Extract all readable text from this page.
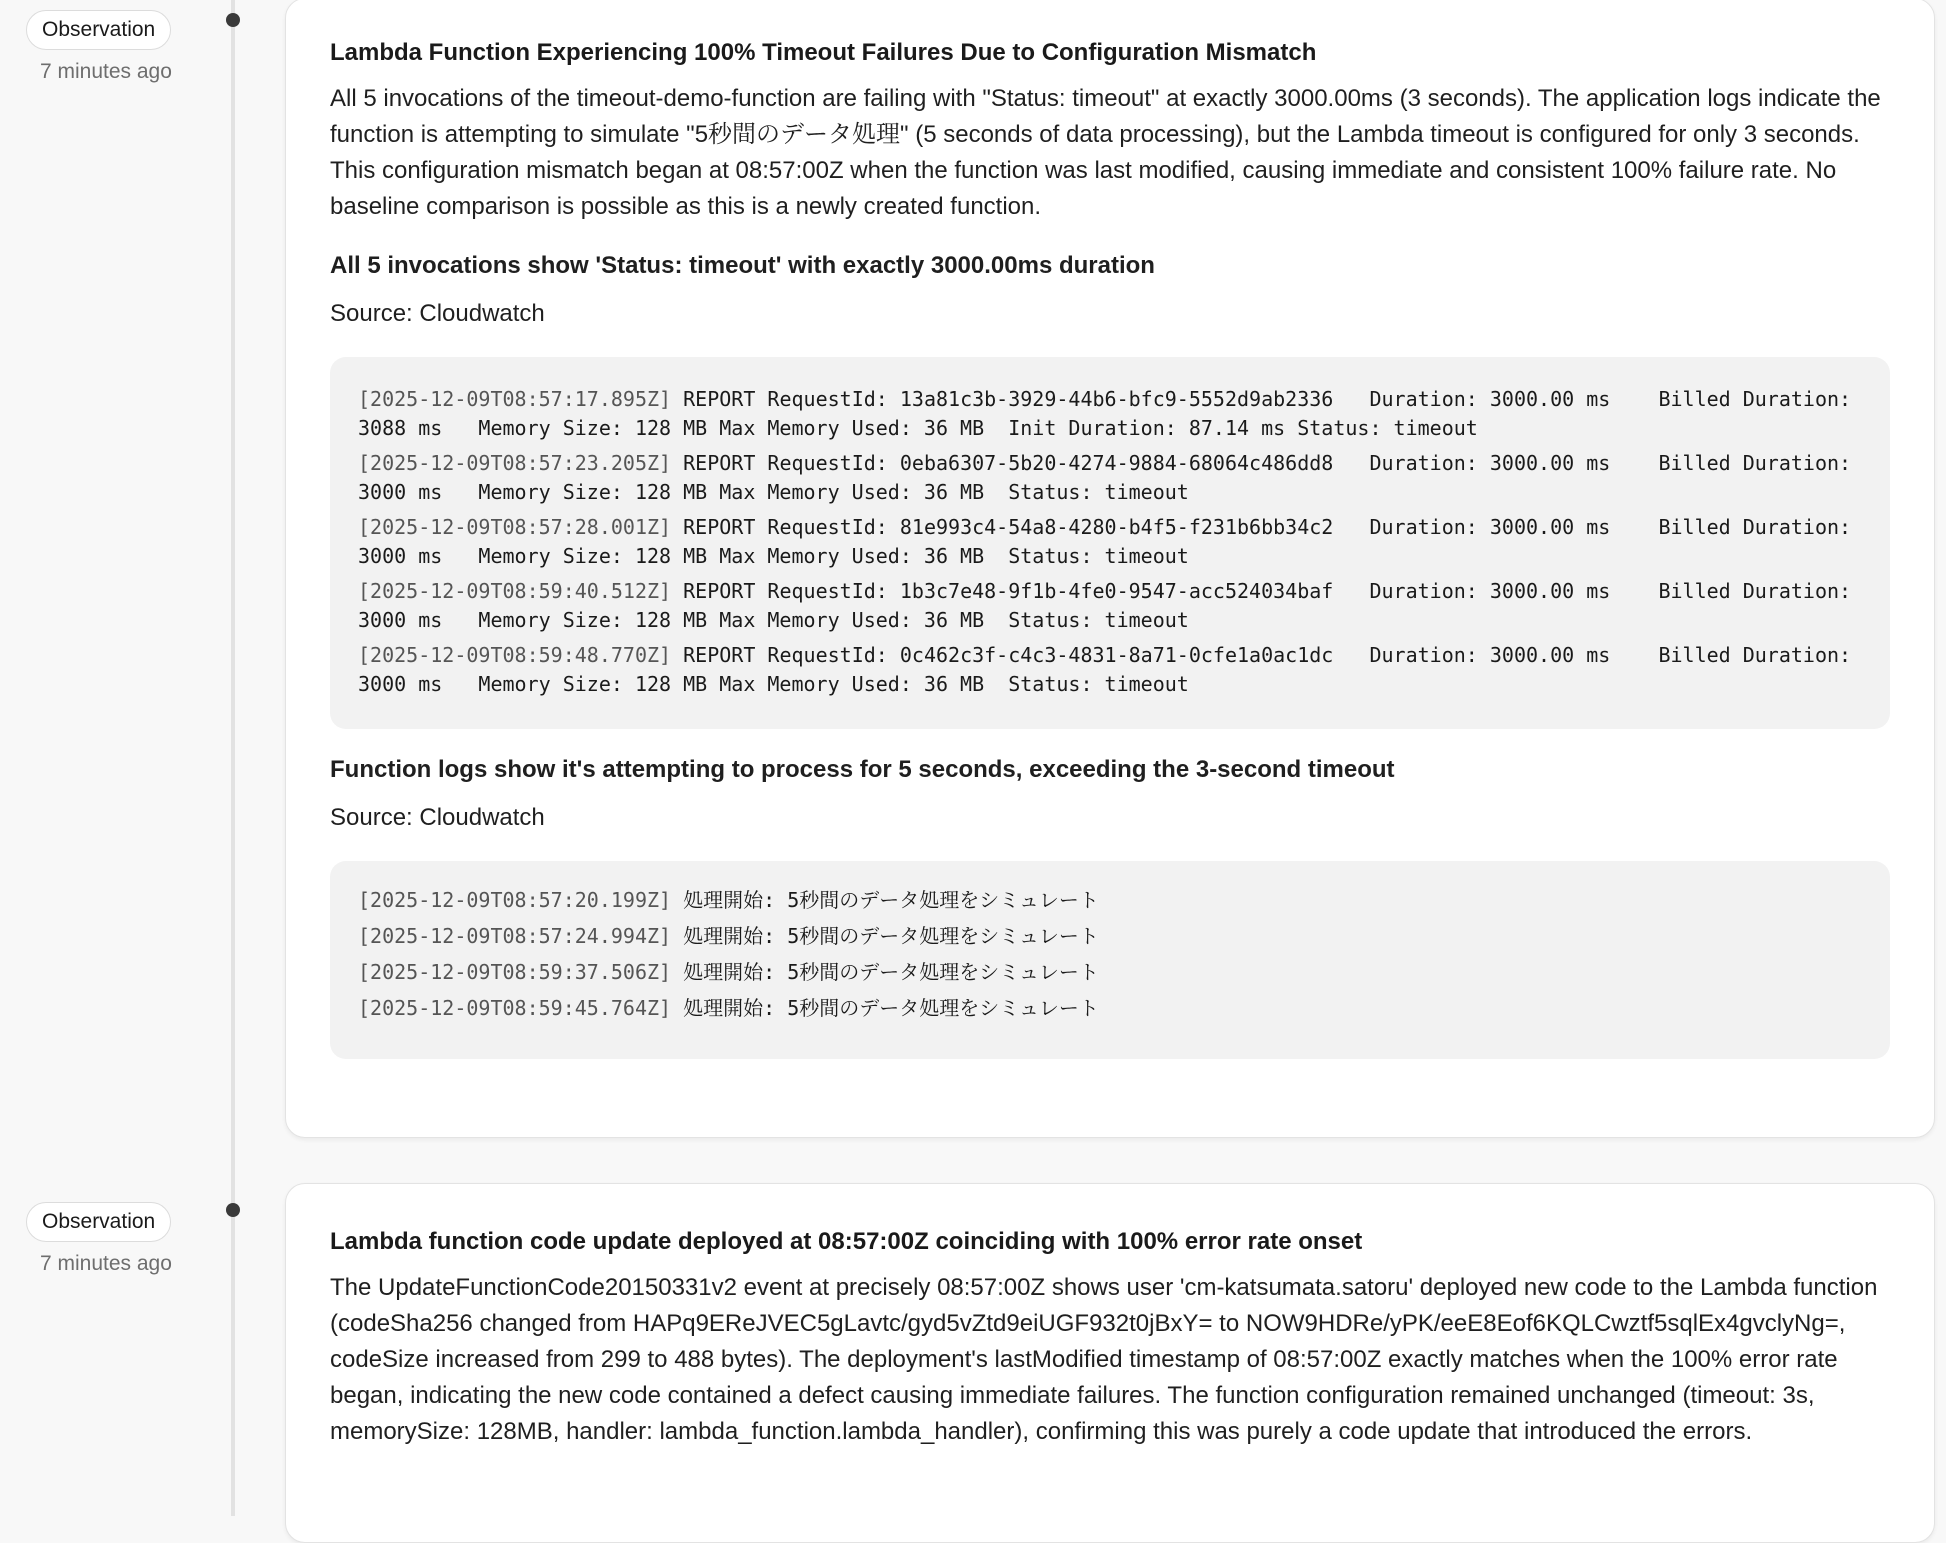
Observation
7 minutes ago
Lambda Function Experiencing 100% Timeout Failures Due to Configuration Mismatch

All 5 invocations of the timeout-demo-function are failing with "Status: timeout" at exactly 3000.00ms (3 seconds). The application logs indicate the function is attempting to simulate "5秒間のデータ処理" (5 seconds of data processing), but the Lambda timeout is configured for only 3 seconds. This configuration mismatch began at 08:57:00Z when the function was last modified, causing immediate and consistent 100% failure rate. No baseline comparison is possible as this is a newly created function.

All 5 invocations show 'Status: timeout' with exactly 3000.00ms duration
Source: Cloudwatch
[2025-12-09T08:57:17.895Z] REPORT RequestId: 13a81c3b-3929-44b6-bfc9-5552d9ab2336   Duration: 3000.00 ms    Billed Duration: 3088 ms   Memory Size: 128 MB Max Memory Used: 36 MB  Init Duration: 87.14 ms Status: timeout
[2025-12-09T08:57:23.205Z] REPORT RequestId: 0eba6307-5b20-4274-9884-68064c486dd8   Duration: 3000.00 ms    Billed Duration: 3000 ms   Memory Size: 128 MB Max Memory Used: 36 MB  Status: timeout
[2025-12-09T08:57:28.001Z] REPORT RequestId: 81e993c4-54a8-4280-b4f5-f231b6bb34c2   Duration: 3000.00 ms    Billed Duration: 3000 ms   Memory Size: 128 MB Max Memory Used: 36 MB  Status: timeout
[2025-12-09T08:59:40.512Z] REPORT RequestId: 1b3c7e48-9f1b-4fe0-9547-acc524034baf   Duration: 3000.00 ms    Billed Duration: 3000 ms   Memory Size: 128 MB Max Memory Used: 36 MB  Status: timeout
[2025-12-09T08:59:48.770Z] REPORT RequestId: 0c462c3f-c4c3-4831-8a71-0cfe1a0ac1dc   Duration: 3000.00 ms    Billed Duration: 3000 ms   Memory Size: 128 MB Max Memory Used: 36 MB  Status: timeout
Function logs show it's attempting to process for 5 seconds, exceeding the 3-second timeout
Source: Cloudwatch
[2025-12-09T08:57:20.199Z] 処理開始: 5秒間のデータ処理をシミュレート
[2025-12-09T08:57:24.994Z] 処理開始: 5秒間のデータ処理をシミュレート
[2025-12-09T08:59:37.506Z] 処理開始: 5秒間のデータ処理をシミュレート
[2025-12-09T08:59:45.764Z] 処理開始: 5秒間のデータ処理をシミュレート
Observation
7 minutes ago
Lambda function code update deployed at 08:57:00Z coinciding with 100% error rate onset

The UpdateFunctionCode20150331v2 event at precisely 08:57:00Z shows user 'cm-katsumata.satoru' deployed new code to the Lambda function (codeSha256 changed from HAPq9EReJVEC5gLavtc/gyd5vZtd9eiUGF932t0jBxY= to NOW9HDRe/yPK/eeE8Eof6KQLCwztf5sqlEx4gvclyNg=, codeSize increased from 299 to 488 bytes). The deployment's lastModified timestamp of 08:57:00Z exactly matches when the 100% error rate began, indicating the new code contained a defect causing immediate failures. The function configuration remained unchanged (timeout: 3s, memorySize: 128MB, handler: lambda_function.lambda_handler), confirming this was purely a code update that introduced the errors.
